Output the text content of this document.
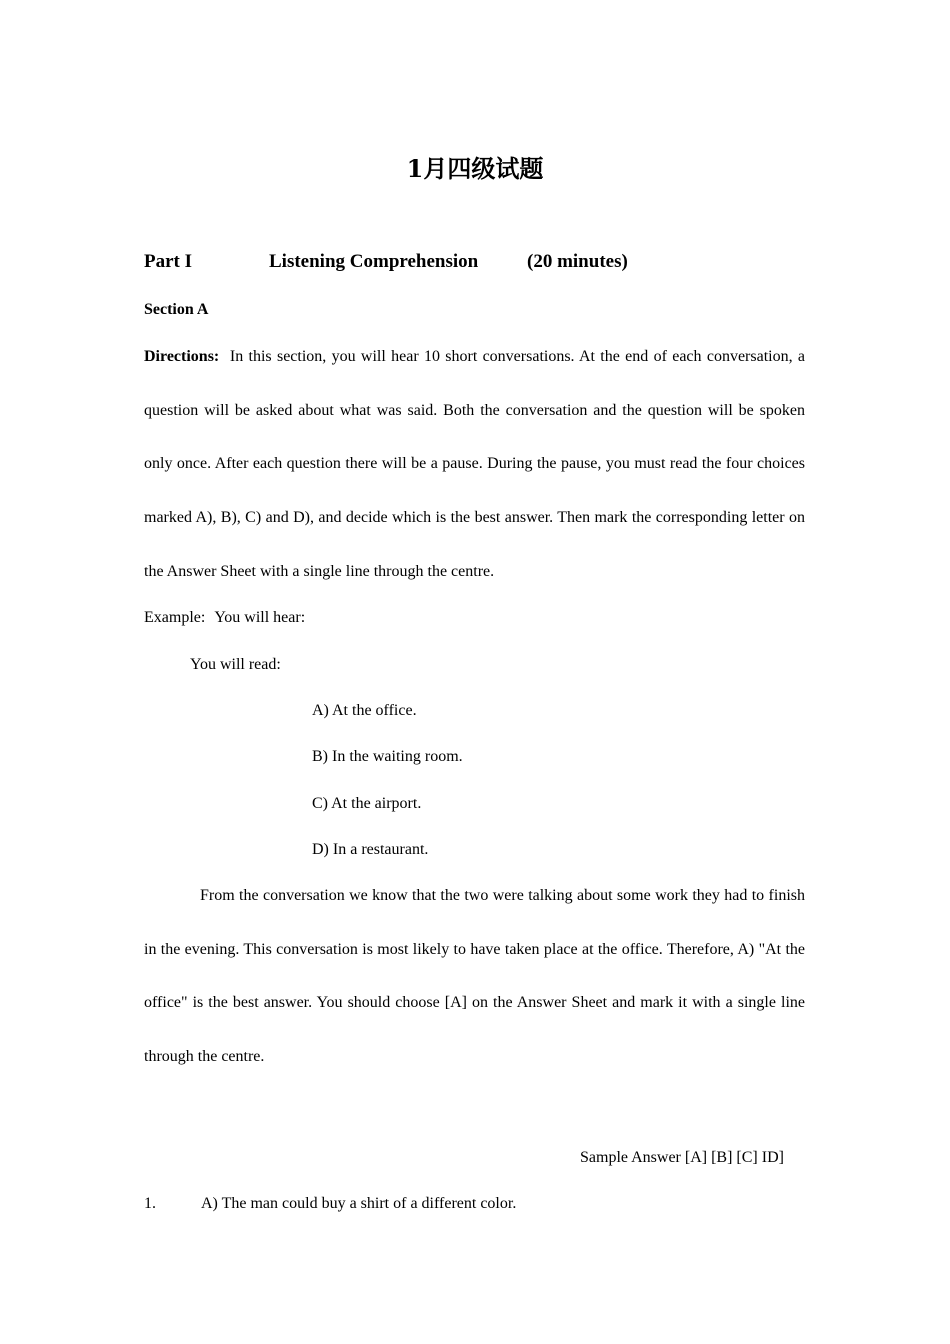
1月四级试题
Part I	Listening Comprehension	(20 minutes)
Section A

Directions: In this section, you will hear 10 short conversations. At the end of each conversation, a question will be asked about what was said. Both the conversation and the question will be spoken only once. After each question there will be a pause. During the pause, you must read the four choices marked A), B), C) and D), and decide which is the best answer. Then mark the corresponding letter on the Answer Sheet with a single line through the centre.

Example: You will hear:
You will read:
A) At the office.
B) In the waiting room.
C) At the airport.
D) In a restaurant.

From the conversation we know that the two were talking about some work they had to finish in the evening. This conversation is most likely to have taken place at the office. Therefore, A) "At the office" is the best answer. You should choose [A] on the Answer Sheet and mark it with a single line through the centre.

Sample Answer [A] [B] [C] ID]
1.	A) The man could buy a shirt of a different color.
